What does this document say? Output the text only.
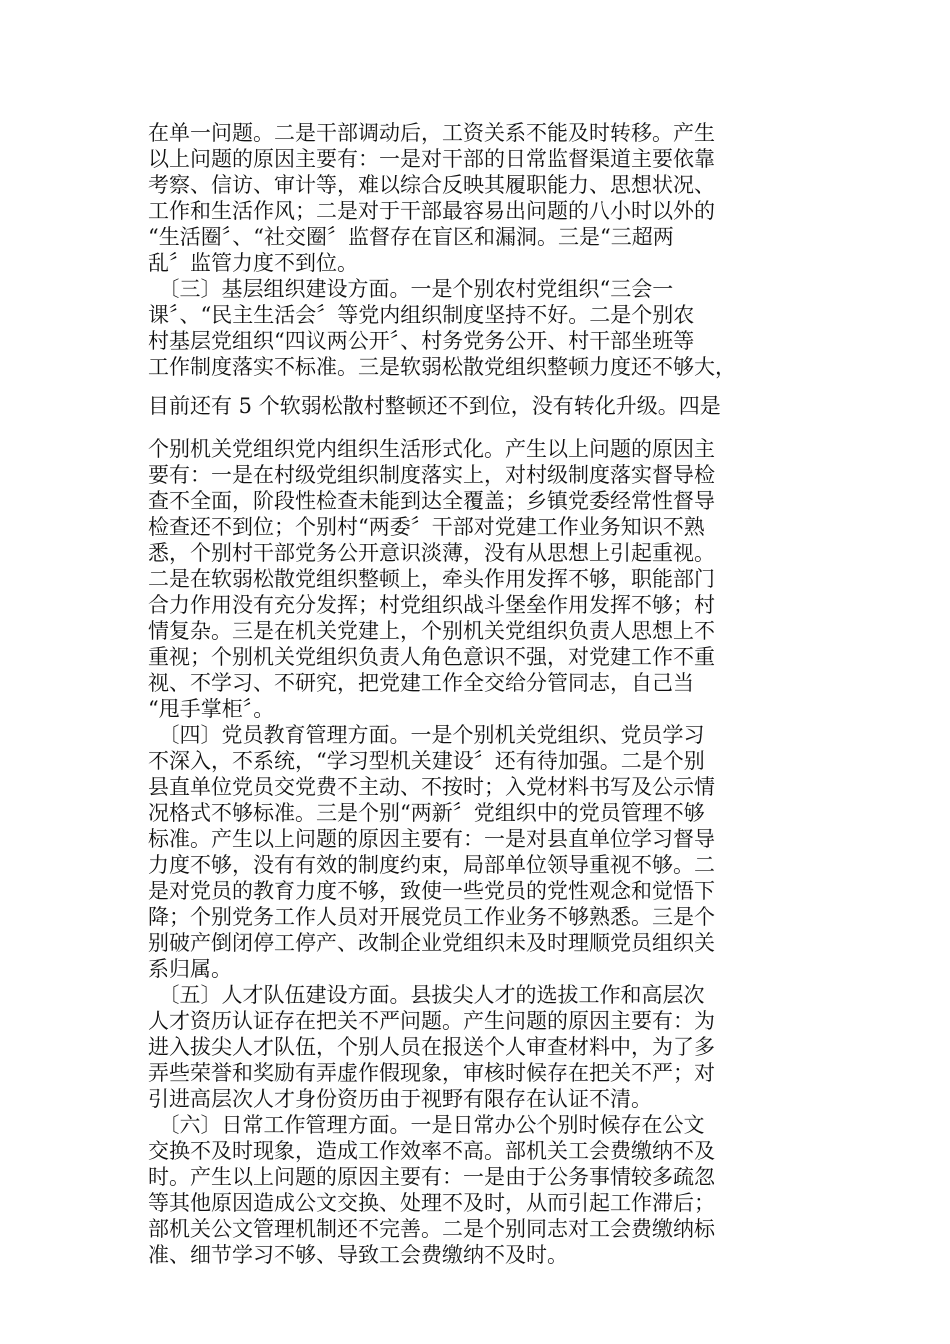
在单一问题。二是干部调动后，工资关系不能及时转移。产生
以上问题的原因主要有：一是对干部的日常监督渠道主要依靠
考察、信访、审计等，难以综合反映其履职能力、思想状况、
工作和生活作风；二是对于干部最容易出问题的八小时以外的
“生活圈〞、“社交圈〞监督存在盲区和漏洞。三是“三超两
乱〞监管力度不到位。
　〔三〕基层组织建设方面。一是个别农村党组织“三会一
课〞、“民主生活会〞等党内组织制度坚持不好。二是个别农
村基层党组织“四议两公开〞、村务党务公开、村干部坐班等
工作制度落实不标准。三是软弱松散党组织整顿力度还不够大，
目前还有 5 个软弱松散村整顿还不到位，没有转化升级。四是
个别机关党组织党内组织生活形式化。产生以上问题的原因主
要有：一是在村级党组织制度落实上，对村级制度落实督导检
查不全面，阶段性检查未能到达全覆盖；乡镇党委经常性督导
检查还不到位；个别村“两委〞干部对党建工作业务知识不熟
悉，个别村干部党务公开意识淡薄，没有从思想上引起重视。
二是在软弱松散党组织整顿上，牵头作用发挥不够，职能部门
合力作用没有充分发挥；村党组织战斗堡垒作用发挥不够；村
情复杂。三是在机关党建上，个别机关党组织负责人思想上不
重视；个别机关党组织负责人角色意识不强，对党建工作不重
视、不学习、不研究，把党建工作全交给分管同志，自己当
“甩手掌柜〞。
　〔四〕党员教育管理方面。一是个别机关党组织、党员学习
不深入，不系统，“学习型机关建设〞还有待加强。二是个别
县直单位党员交党费不主动、不按时；入党材料书写及公示情
况格式不够标准。三是个别“两新〞党组织中的党员管理不够
标准。产生以上问题的原因主要有：一是对县直单位学习督导
力度不够，没有有效的制度约束，局部单位领导重视不够。二
是对党员的教育力度不够，致使一些党员的党性观念和觉悟下
降；个别党务工作人员对开展党员工作业务不够熟悉。三是个
别破产倒闭停工停产、改制企业党组织未及时理顺党员组织关
系归属。
　〔五〕人才队伍建设方面。县拔尖人才的选拔工作和高层次
人才资历认证存在把关不严问题。产生问题的原因主要有：为
进入拔尖人才队伍，个别人员在报送个人审查材料中，为了多
弄些荣誉和奖励有弄虚作假现象，审核时候存在把关不严；对
引进高层次人才身份资历由于视野有限存在认证不清。
　〔六〕日常工作管理方面。一是日常办公个别时候存在公文
交换不及时现象，造成工作效率不高。部机关工会费缴纳不及
时。产生以上问题的原因主要有：一是由于公务事情较多疏忽
等其他原因造成公文交换、处理不及时，从而引起工作滞后；
部机关公文管理机制还不完善。二是个别同志对工会费缴纳标
准、细节学习不够、导致工会费缴纳不及时。
